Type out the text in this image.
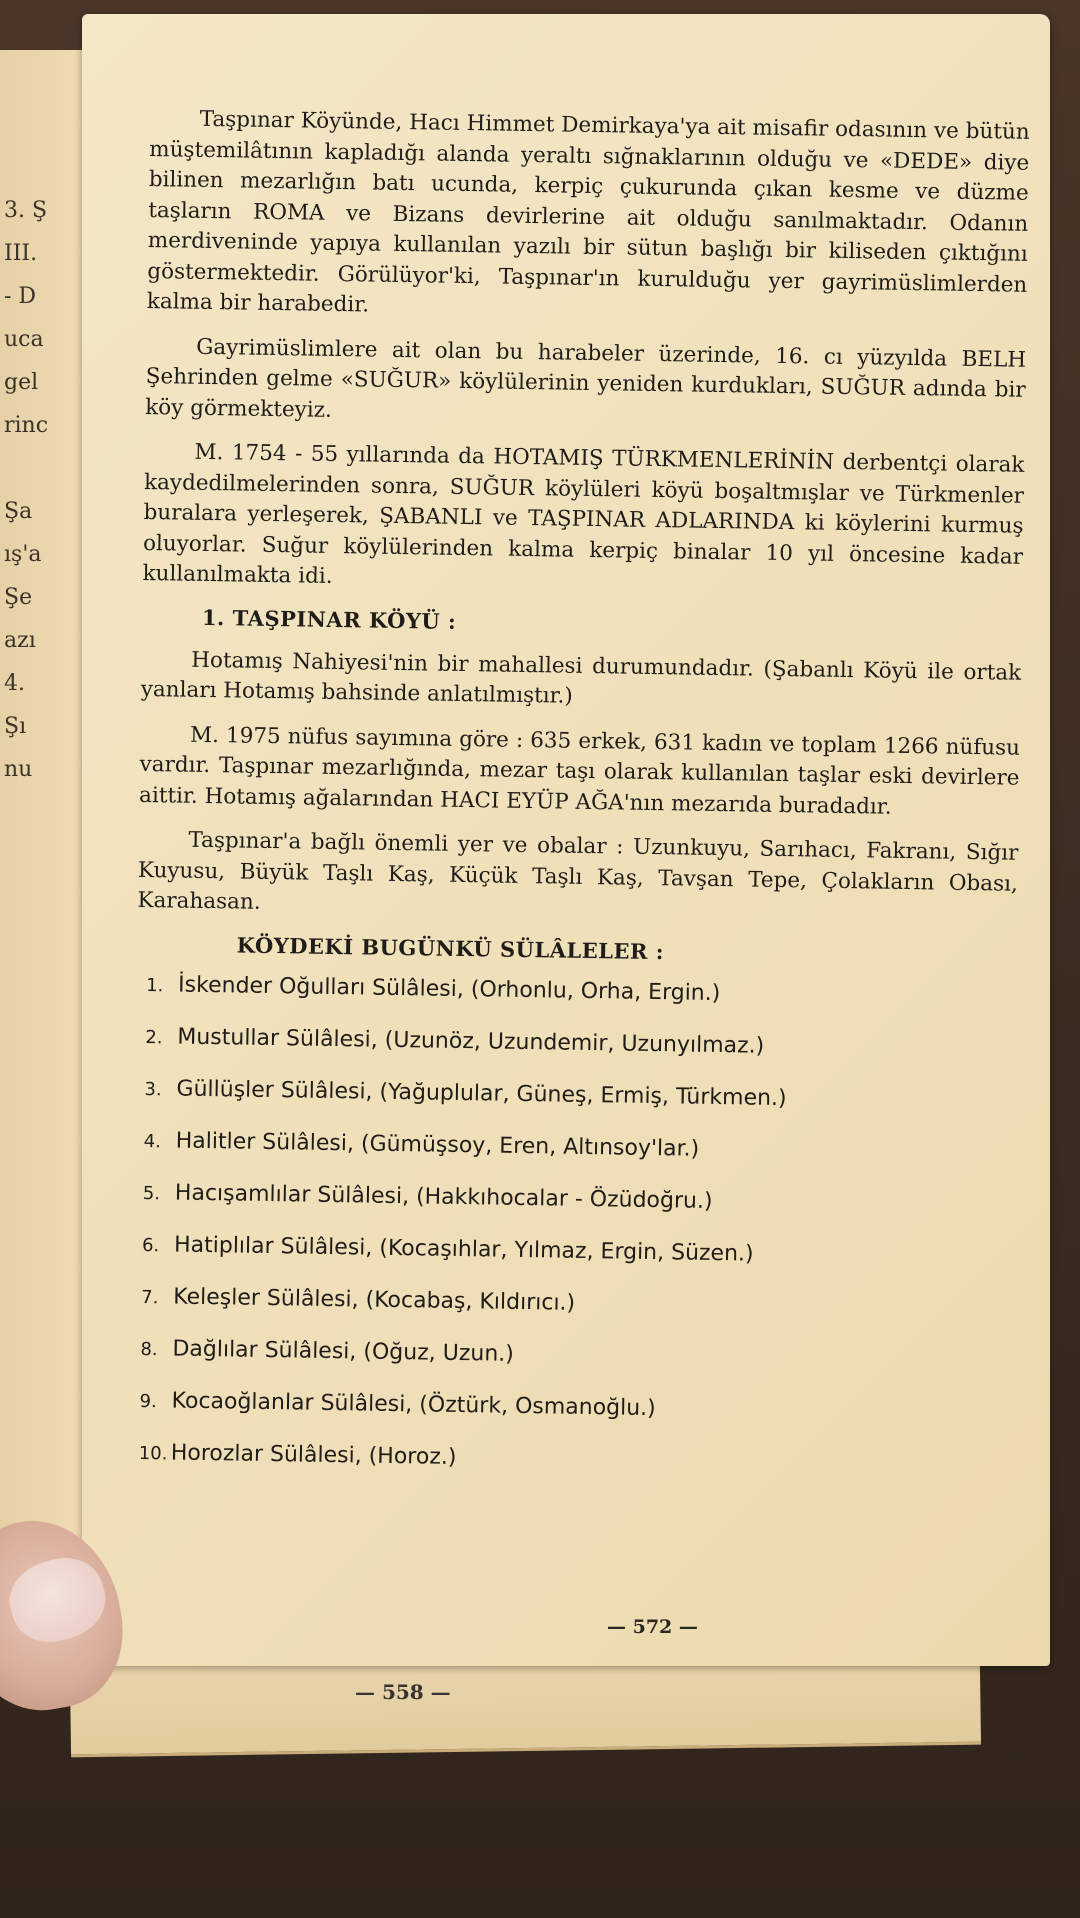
3. Ş
III.
- D
uca
gel
rinc
Şa
ış'a
Şe
azı
4.
Şı
nu
— 558 —
— 572 —

Taşpınar Köyünde, Hacı Himmet Demirkaya'ya ait misafir odasının ve bütün müştemilâtının kapladığı alanda yeraltı sığnaklarının olduğu ve «DEDE» diye bilinen mezarlığın batı ucunda, kerpiç çukurunda çıkan kesme ve düzme taşların ROMA ve Bizans devirlerine ait olduğu sanılmaktadır. Odanın merdiveninde yapıya kullanılan yazılı bir sütun başlığı bir kiliseden çıktığını göstermektedir. Görülüyor'ki, Taşpınar'ın kurulduğu yer gayrimüslimlerden kalma bir harabedir.

Gayrimüslimlere ait olan bu harabeler üzerinde, 16. cı yüzyılda BELH Şehrinden gelme «SUĞUR» köylülerinin yeniden kurdukları, SUĞUR adında bir köy görmekteyiz.

M. 1754 - 55 yıllarında da HOTAMIŞ TÜRKMENLERİNİN derbentçi olarak kaydedilmelerinden sonra, SUĞUR köylüleri köyü boşaltmışlar ve Türkmenler buralara yerleşerek, ŞABANLI ve TAŞPINAR ADLARINDA ki köylerini kurmuş oluyorlar. Suğur köylülerinden kalma kerpiç binalar 10 yıl öncesine kadar kullanılmakta idi.

1. TAŞPINAR KÖYÜ :

Hotamış Nahiyesi'nin bir mahallesi durumundadır. (Şabanlı Köyü ile ortak yanları Hotamış bahsinde anlatılmıştır.)

M. 1975 nüfus sayımına göre : 635 erkek, 631 kadın ve toplam 1266 nüfusu vardır. Taşpınar mezarlığında, mezar taşı olarak kullanılan taşlar eski devirlere aittir. Hotamış ağalarından HACI EYÜP AĞA'nın mezarıda buradadır.

Taşpınar'a bağlı önemli yer ve obalar : Uzunkuyu, Sarıhacı, Fakranı, Sığır Kuyusu, Büyük Taşlı Kaş, Küçük Taşlı Kaş, Tavşan Tepe, Çolakların Obası, Karahasan.

KÖYDEKİ BUGÜNKÜ SÜLÂLELER :
1. İskender Oğulları Sülâlesi, (Orhonlu, Orha, Ergin.)
2. Mustullar Sülâlesi, (Uzunöz, Uzundemir, Uzunyılmaz.)
3. Güllüşler Sülâlesi, (Yağuplular, Güneş, Ermiş, Türkmen.)
4. Halitler Sülâlesi, (Gümüşsoy, Eren, Altınsoy'lar.)
5. Hacışamlılar Sülâlesi, (Hakkıhocalar - Özüdoğru.)
6. Hatiplılar Sülâlesi, (Kocaşıhlar, Yılmaz, Ergin, Süzen.)
7. Keleşler Sülâlesi, (Kocabaş, Kıldırıcı.)
8. Dağlılar Sülâlesi, (Oğuz, Uzun.)
9. Kocaoğlanlar Sülâlesi, (Öztürk, Osmanoğlu.)
10. Horozlar Sülâlesi, (Horoz.)
